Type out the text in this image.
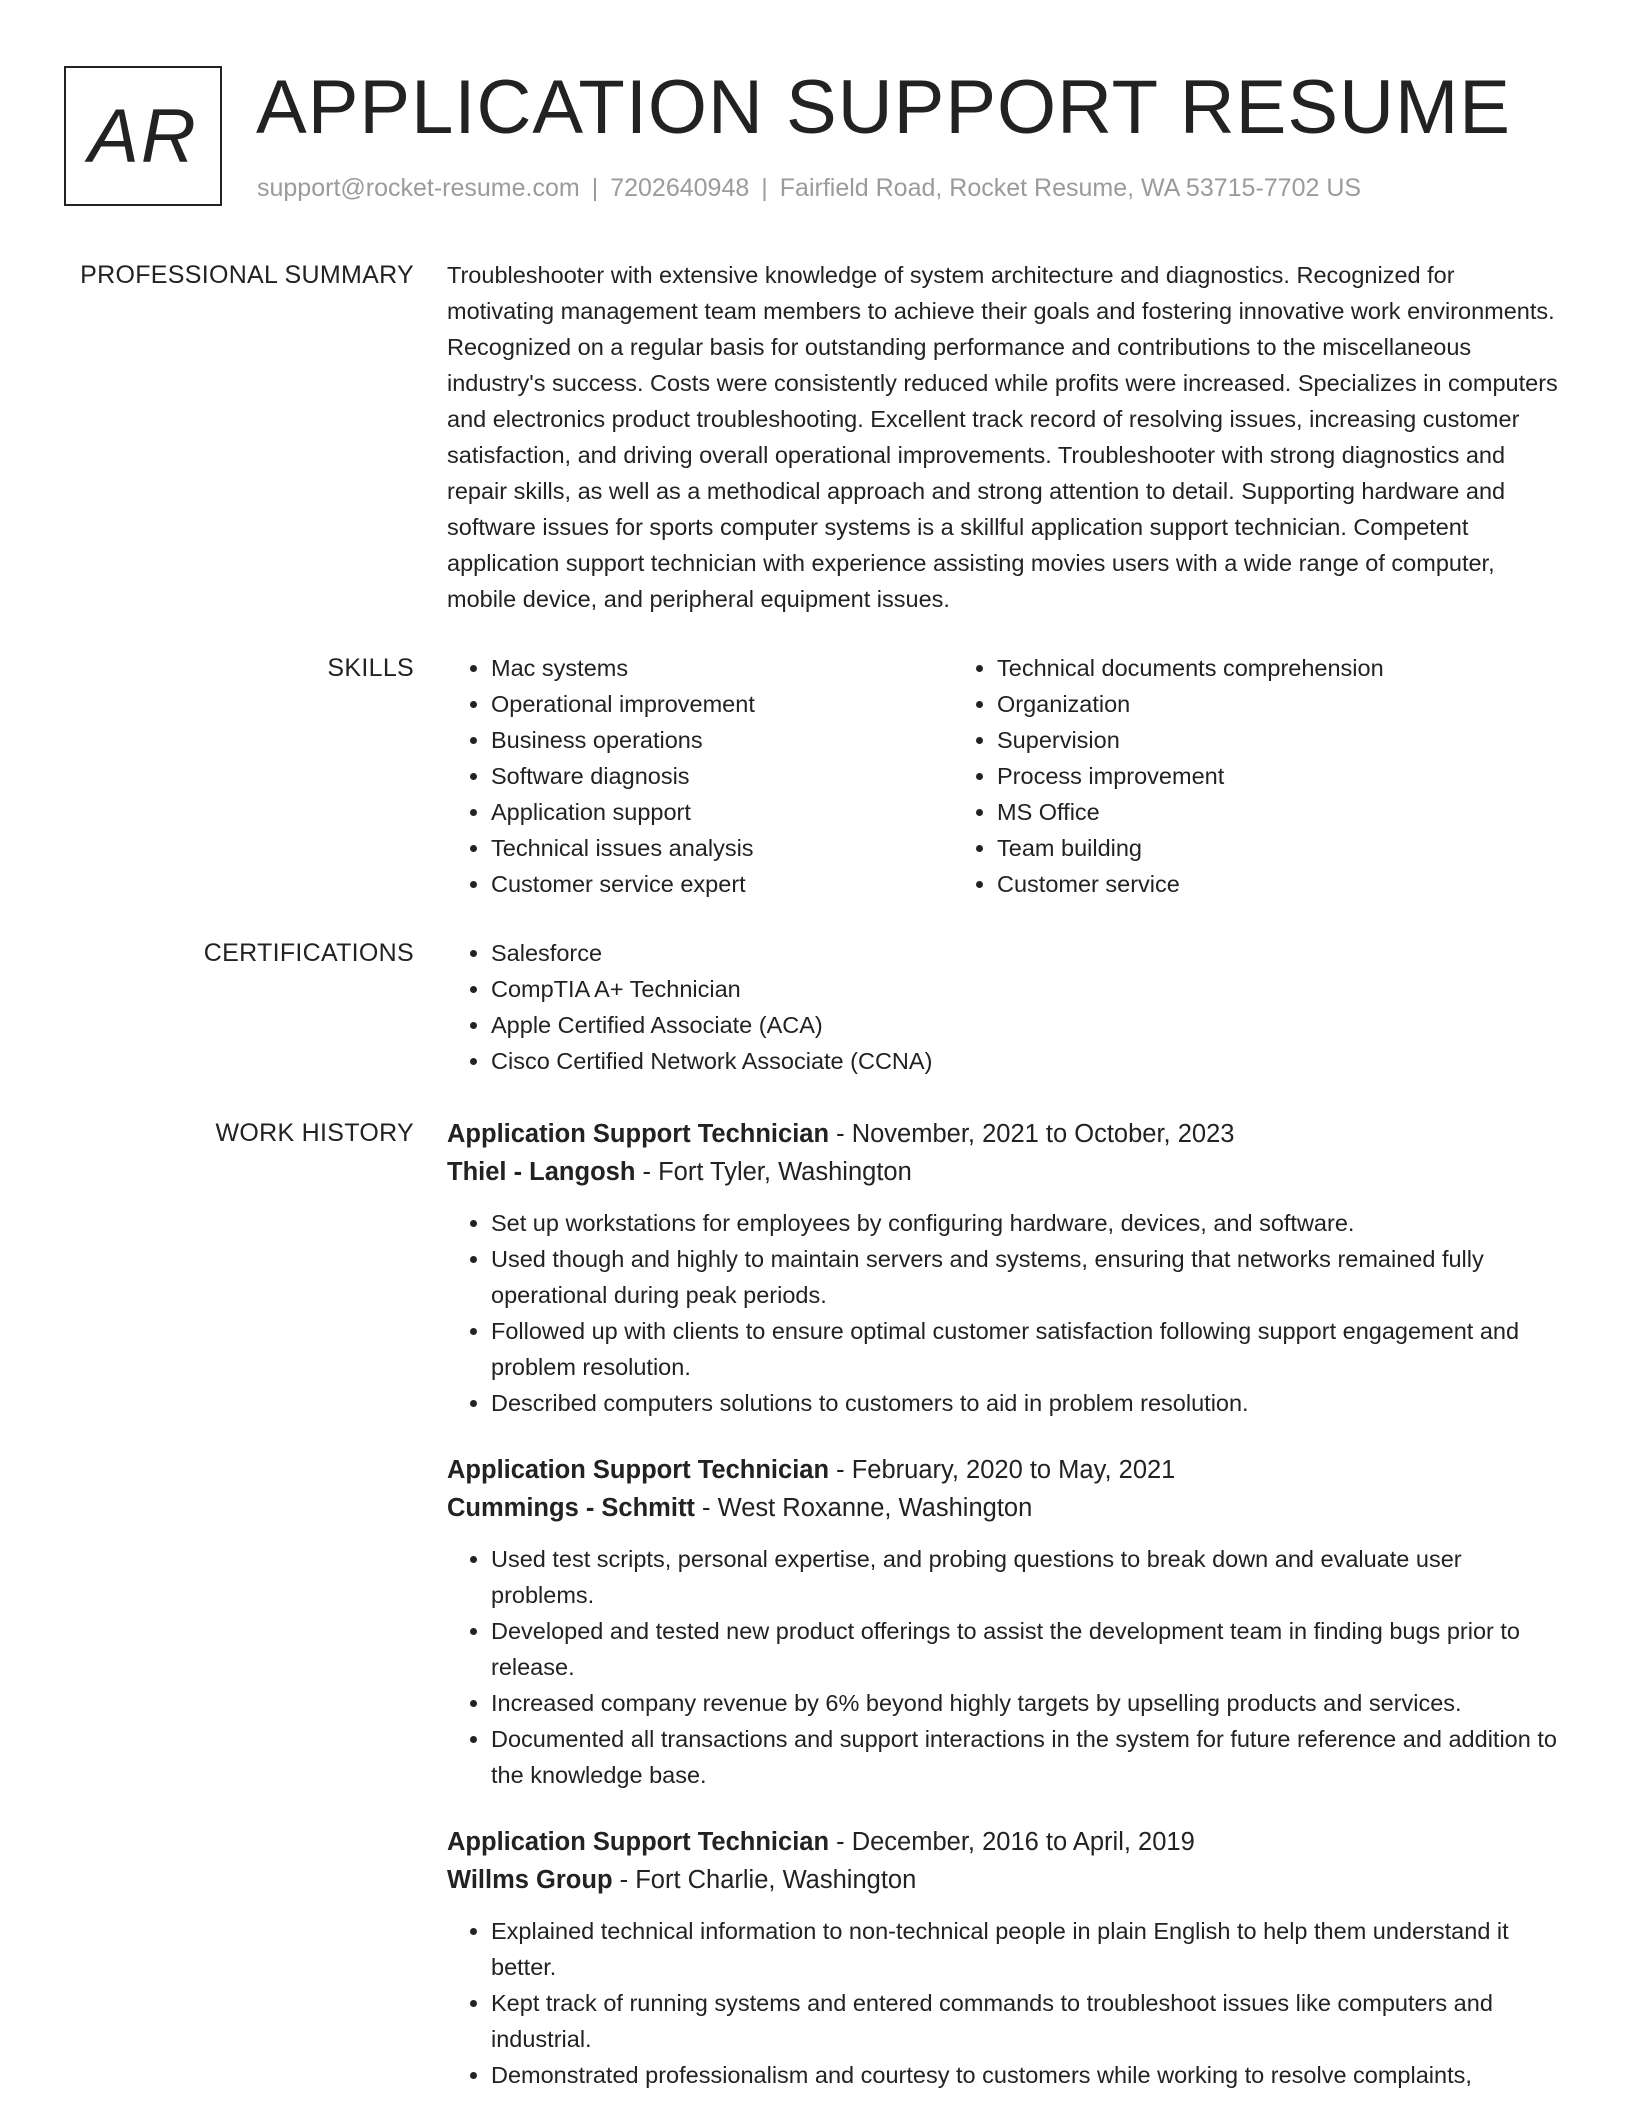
AR APPLICATION SUPPORT RESUME
support@rocket-resume.com | 7202640948 | Fairfield Road, Rocket Resume, WA 53715-7702 US
PROFESSIONAL SUMMARY Troubleshooter with extensive knowledge of system architecture and diagnostics. Recognized for motivating management team members to achieve their goals and fostering innovative work environments. Recognized on a regular basis for outstanding performance and contributions to the miscellaneous industry's success. Costs were consistently reduced while profits were increased. Specializes in computers and electronics product troubleshooting. Excellent track record of resolving issues, increasing customer satisfaction, and driving overall operational improvements. Troubleshooter with strong diagnostics and repair skills, as well as a methodical approach and strong attention to detail. Supporting hardware and software issues for sports computer systems is a skillful application support technician. Competent application support technician with experience assisting movies users with a wide range of computer, mobile device, and peripheral equipment issues.

SKILLS	• Mac systems
• Operational improvement
• Business operations
• Software diagnosis
• Application support
• Technical issues analysis
• Customer service expert
• Technical documents comprehension
• Organization
• Supervision
• Process improvement
• MS Office
• Team building
• Customer service
CERTIFICATIONS	• Salesforce
• CompTIA A+ Technician
• Apple Certified Associate (ACA)
• Cisco Certified Network Associate (CCNA)
WORK HISTORY Application Support Technician - November, 2021 to October, 2023
Thiel - Langosh - Fort Tyler, Washington
• Set up workstations for employees by configuring hardware, devices, and software.
• Used though and highly to maintain servers and systems, ensuring that networks remained fully operational during peak periods.
• Followed up with clients to ensure optimal customer satisfaction following support engagement and problem resolution.
• Described computers solutions to customers to aid in problem resolution.
Application Support Technician - February, 2020 to May, 2021
Cummings - Schmitt - West Roxanne, Washington
• Used test scripts, personal expertise, and probing questions to break down and evaluate user problems.
• Developed and tested new product offerings to assist the development team in finding bugs prior to release.
• Increased company revenue by 6% beyond highly targets by upselling products and services.
• Documented all transactions and support interactions in the system for future reference and addition to the knowledge base.
Application Support Technician - December, 2016 to April, 2019
Willms Group - Fort Charlie, Washington
• Explained technical information to non-technical people in plain English to help them understand it better.
• Kept track of running systems and entered commands to troubleshoot issues like computers and industrial.
• Demonstrated professionalism and courtesy to customers while working to resolve complaints,
